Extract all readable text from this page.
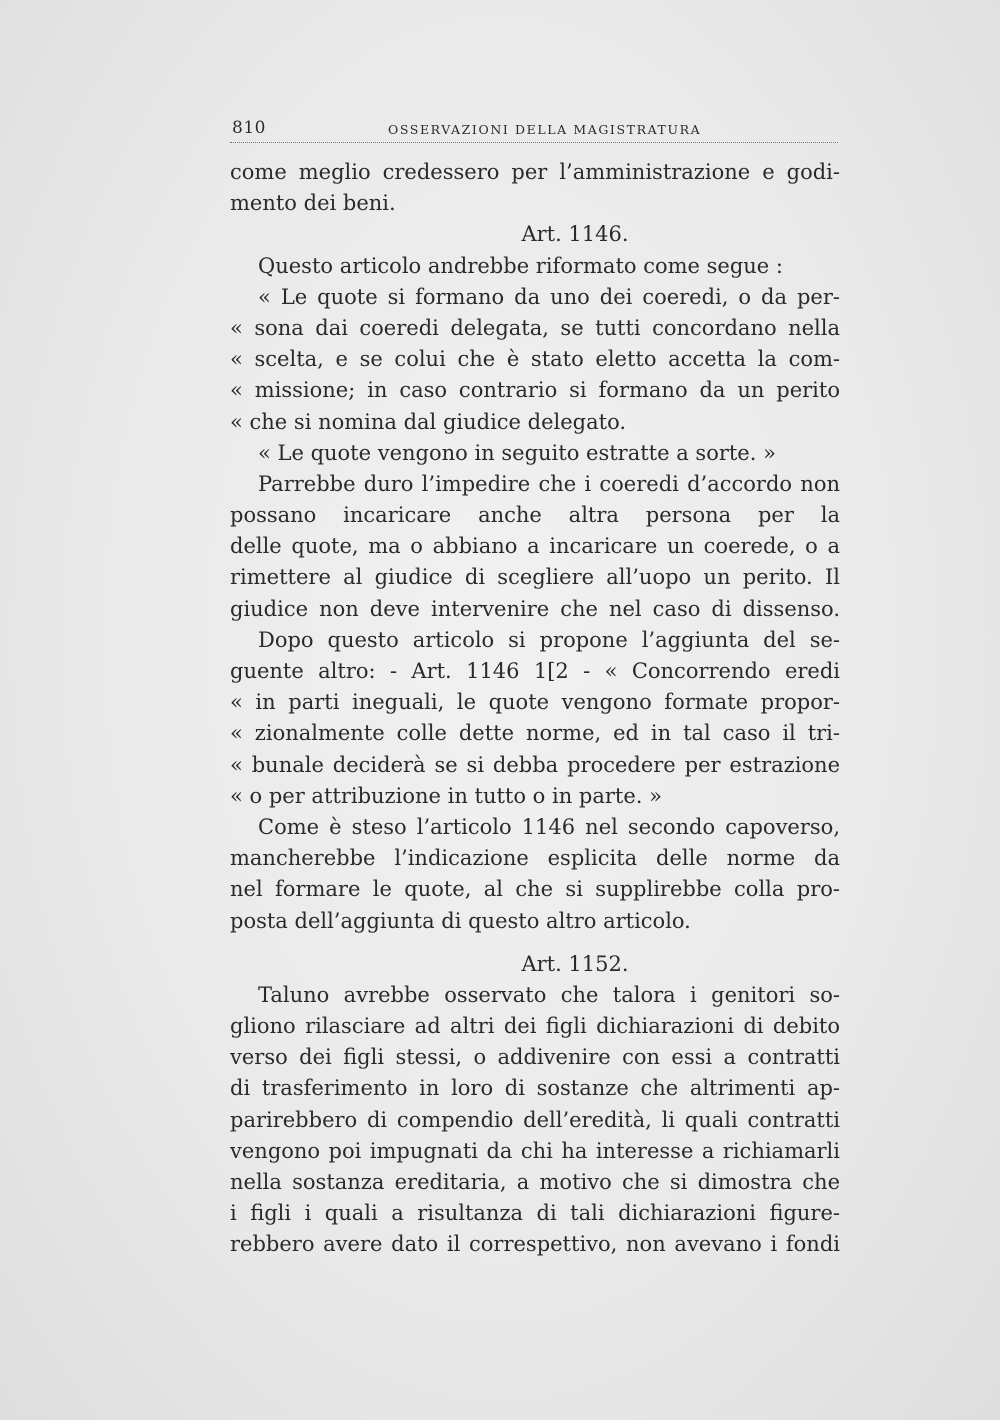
810	OSSERVAZIONI DELLA MAGISTRATURA
come meglio credessero per l’amministrazione e godi-
mento dei beni.
Art. 1146.
Questo articolo andrebbe riformato come segue :
« Le quote si formano da uno dei coeredi, o da per-
« sona dai coeredi delegata, se tutti concordano nella
« scelta, e se colui che è stato eletto accetta la com-
« missione; in caso contrario si formano da un perito
« che si nomina dal giudice delegato.
« Le quote vengono in seguito estratte a sorte. »
Parrebbe duro l’impedire che i coeredi d’accordo non
possano incaricare anche altra persona per la
delle quote, ma o abbiano a incaricare un coerede, o a
rimettere al giudice di scegliere all’uopo un perito. Il
giudice non deve intervenire che nel caso di dissenso.
Dopo questo articolo si propone l’aggiunta del se-
guente altro: - Art. 1146 1[2 - « Concorrendo eredi
« in parti ineguali, le quote vengono formate propor-
« zionalmente colle dette norme, ed in tal caso il tri-
« bunale deciderà se si debba procedere per estrazione
« o per attribuzione in tutto o in parte. »
Come è steso l’articolo 1146 nel secondo capoverso,
mancherebbe l’indicazione esplicita delle norme da
nel formare le quote, al che si supplirebbe colla pro-
posta dell’aggiunta di questo altro articolo.
Art. 1152.
Taluno avrebbe osservato che talora i genitori so-
gliono rilasciare ad altri dei figli dichiarazioni di debito
verso dei figli stessi, o addivenire con essi a contratti
di trasferimento in loro di sostanze che altrimenti ap-
parirebbero di compendio dell’eredità, li quali contratti
vengono poi impugnati da chi ha interesse a richiamarli
nella sostanza ereditaria, a motivo che si dimostra che
i figli i quali a risultanza di tali dichiarazioni figure-
rebbero avere dato il correspettivo, non avevano i fondi
